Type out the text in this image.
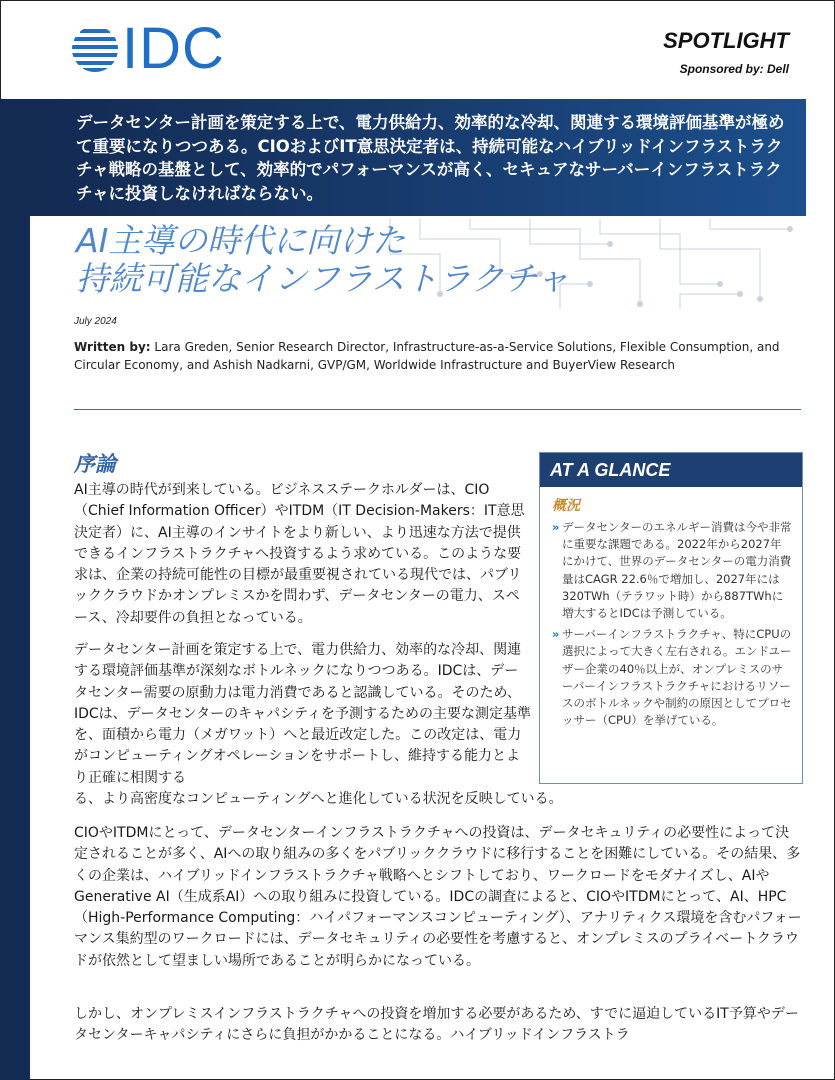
IDC	SPOTLIGHT
Sponsored by: Dell
データセンター計画を策定する上で、電力供給力、効率的な冷却、関連する環境評価基準が極めて重要になりつつある。CIOおよびIT意思決定者は、持続可能なハイブリッドインフラストラクチャ戦略の基盤として、効率的でパフォーマンスが高く、セキュアなサーバーインフラストラクチャに投資しなければならない。
AI主導の時代に向けた
持続可能なインフラストラクチャ
July 2024
Written by: Lara Greden, Senior Research Director, Infrastructure-as-a-Service Solutions, Flexible Consumption, and Circular Economy, and Ashish Nadkarni, GVP/GM, Worldwide Infrastructure and BuyerView Research
序論
AI主導の時代が到来している。ビジネスステークホルダーは、CIO（Chief Information Officer）やITDM（IT Decision-Makers：IT意思決定者）に、AI主導のインサイトをより新しい、より迅速な方法で提供できるインフラストラクチャへ投資するよう求めている。このような要求は、企業の持続可能性の目標が最重要視されている現代では、パブリッククラウドかオンプレミスかを問わず、データセンターの電力、スペース、冷却要件の負担となっている。
データセンター計画を策定する上で、電力供給力、効率的な冷却、関連する環境評価基準が深刻なボトルネックになりつつある。IDCは、データセンター需要の原動力は電力消費であると認識している。そのため、IDCは、データセンターのキャパシティを予測するための主要な測定基準を、面積から電力（メガワット）へと最近改定した。この改定は、電力がコンピューティングオペレーションをサポートし、維持する能力とより正確に相関する
る、より高密度なコンピューティングへと進化している状況を反映している。
CIOやITDMにとって、データセンターインフラストラクチャへの投資は、データセキュリティの必要性によって決定されることが多く、AIへの取り組みの多くをパブリッククラウドに移行することを困難にしている。その結果、多くの企業は、ハイブリッドインフラストラクチャ戦略へとシフトしており、ワークロードをモダナイズし、AIやGenerative AI（生成系AI）への取り組みに投資している。IDCの調査によると、CIOやITDMにとって、AI、HPC（High-Performance Computing：ハイパフォーマンスコンピューティング）、アナリティクス環境を含むパフォーマンス集約型のワークロードには、データセキュリティの必要性を考慮すると、オンプレミスのプライベートクラウドが依然として望ましい場所であることが明らかになっている。
しかし、オンプレミスインフラストラクチャへの投資を増加する必要があるため、すでに逼迫しているIT予算やデータセンターキャパシティにさらに負担がかかることになる。ハイブリッドインフラストラ
AT A GLANCE
概況
» データセンターのエネルギー消費は今や非常に重要な課題である。2022年から2027年にかけて、世界のデータセンターの電力消費量はCAGR 22.6％で増加し、2027年には320TWh（テラワット時）から887TWhに増大するとIDCは予測している。
» サーバーインフラストラクチャ、特にCPUの選択によって大きく左右される。エンドユーザー企業の40％以上が、オンプレミスのサーバーインフラストラクチャにおけるリソースのボトルネックや制約の原因としてプロセッサー（CPU）を挙げている。
